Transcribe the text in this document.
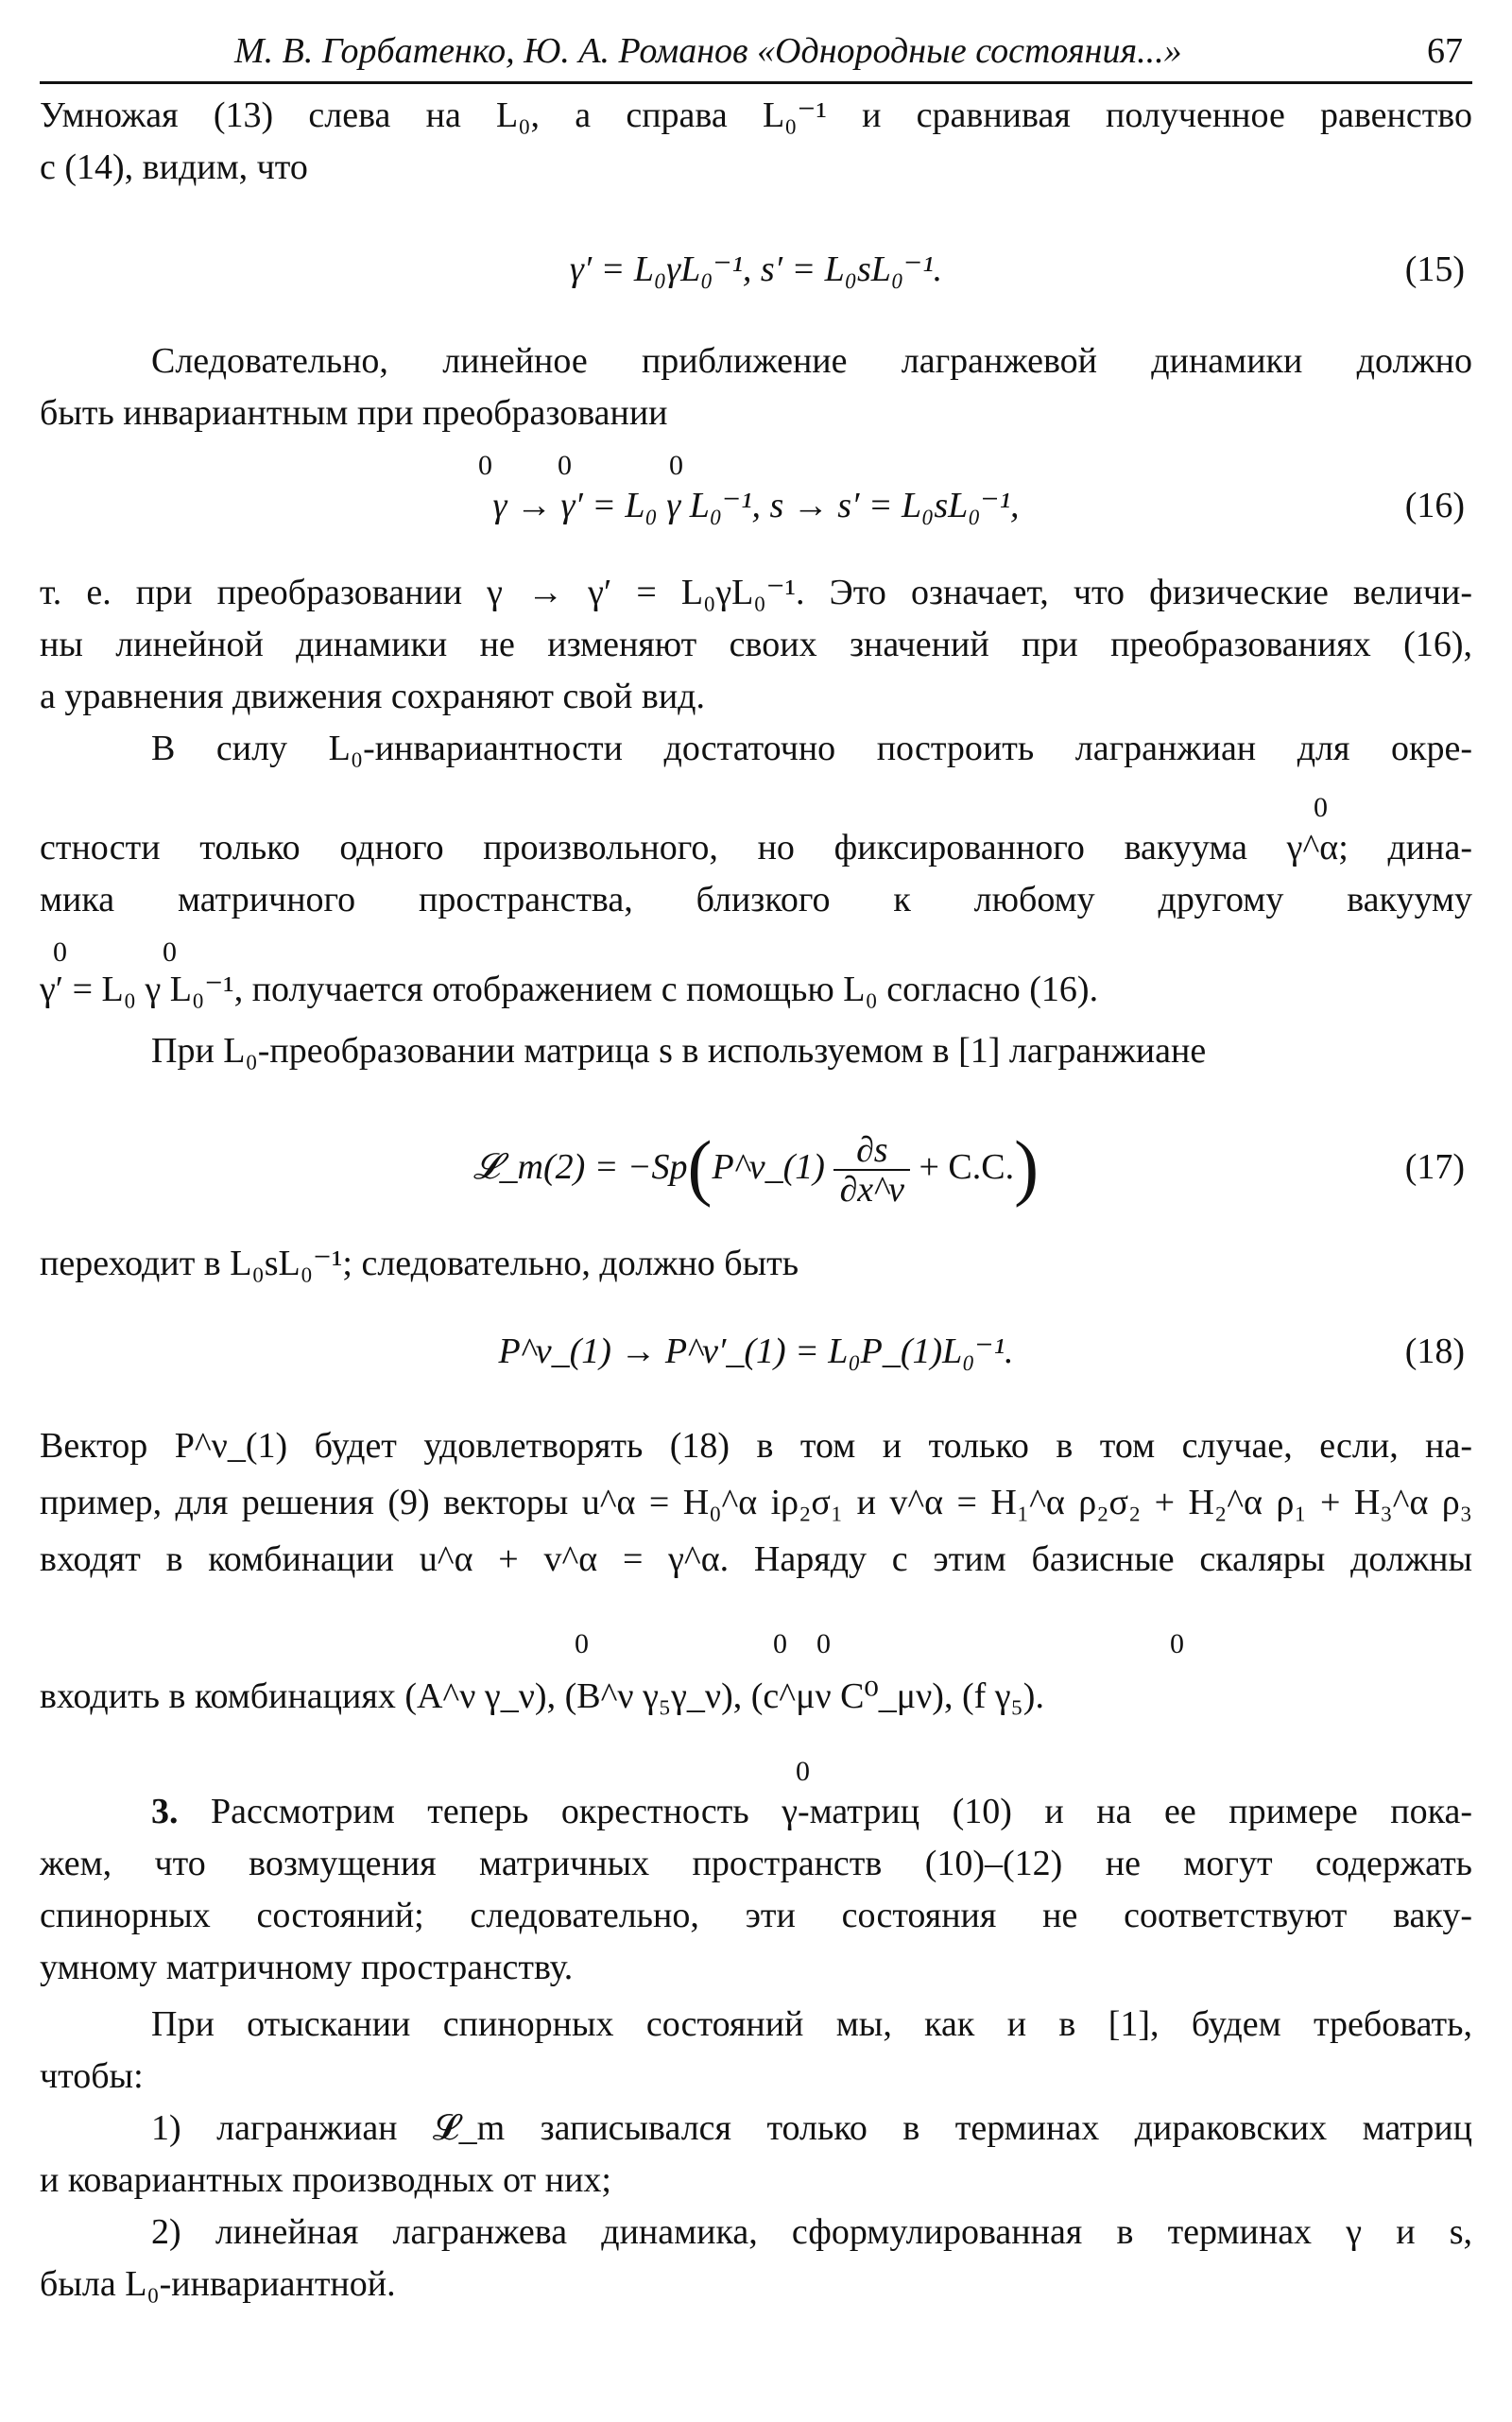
М. В. Горбатенко, Ю. А. Романов «Однородные состояния...»	67
Умножая (13) слева на L₀, а справа L₀⁻¹ и сравнивая полученное равенство
с (14), видим, что
γ′ = L₀γL₀⁻¹, s′ = L₀sL₀⁻¹.	(15)
Следовательно, линейное приближение лагранжевой динамики должно
быть инвариантным при преобразовании
0 0	0
γ → γ′ = L₀ γ L₀⁻¹, s → s′ = L₀sL₀⁻¹,	(16)
т. е. при преобразовании γ → γ′ = L₀γL₀⁻¹. Это означает, что физические величи-
ны линейной динамики не изменяют своих значений при преобразованиях (16),
а уравнения движения сохраняют свой вид.
В силу L₀-инвариантности достаточно построить лагранжиан для окре-
0
стности только одного произвольного, но фиксированного вакуума γ^α; дина-
мика матричного пространства, близкого к любому другому вакууму
0	0
γ′ = L₀ γ L₀⁻¹, получается отображением с помощью L₀ согласно (16).
При L₀-преобразовании матрица s в используемом в [1] лагранжиане
𝓛_m(2) = −Sp(P^ν_(1) $\frac{\partial s}{\partial x\^{}\nu} + C.C$.)	(17)
переходит в L₀sL₀⁻¹; следовательно, должно быть
P^ν_(1) → P^ν′_(1) = L₀P_(1)L₀⁻¹.	(18)
Вектор P^ν_(1) будет удовлетворять (18) в том и только в том случае, если, на-
пример, для решения (9) векторы u^α = H₀^α iρ₂σ₁ и v^α = H₁^α ρ₂σ₂ + H₂^α ρ₁ + H₃^α ρ₃
входят в комбинации u^α + v^α = γ^α. Наряду с этим базисные скаляры должны
0	0 0	0
входить в комбинациях (A^ν γ_ν), (B^ν γ₅γ_ν), (c^μν C⁰_μν), (f γ₅).
0
3. Рассмотрим теперь окрестность γ-матриц (10) и на ее примере пока-
жем, что возмущения матричных пространств (10)–(12) не могут содержать
спинорных состояний; следовательно, эти состояния не соответствуют ваку-
умному матричному пространству.
При отыскании спинорных состояний мы, как и в [1], будем требовать,
чтобы:
1) лагранжиан 𝓛_m записывался только в терминах дираковских матриц
и ковариантных производных от них;
2) линейная лагранжева динамика, сформулированная в терминах γ и s,
была L₀-инвариантной.
